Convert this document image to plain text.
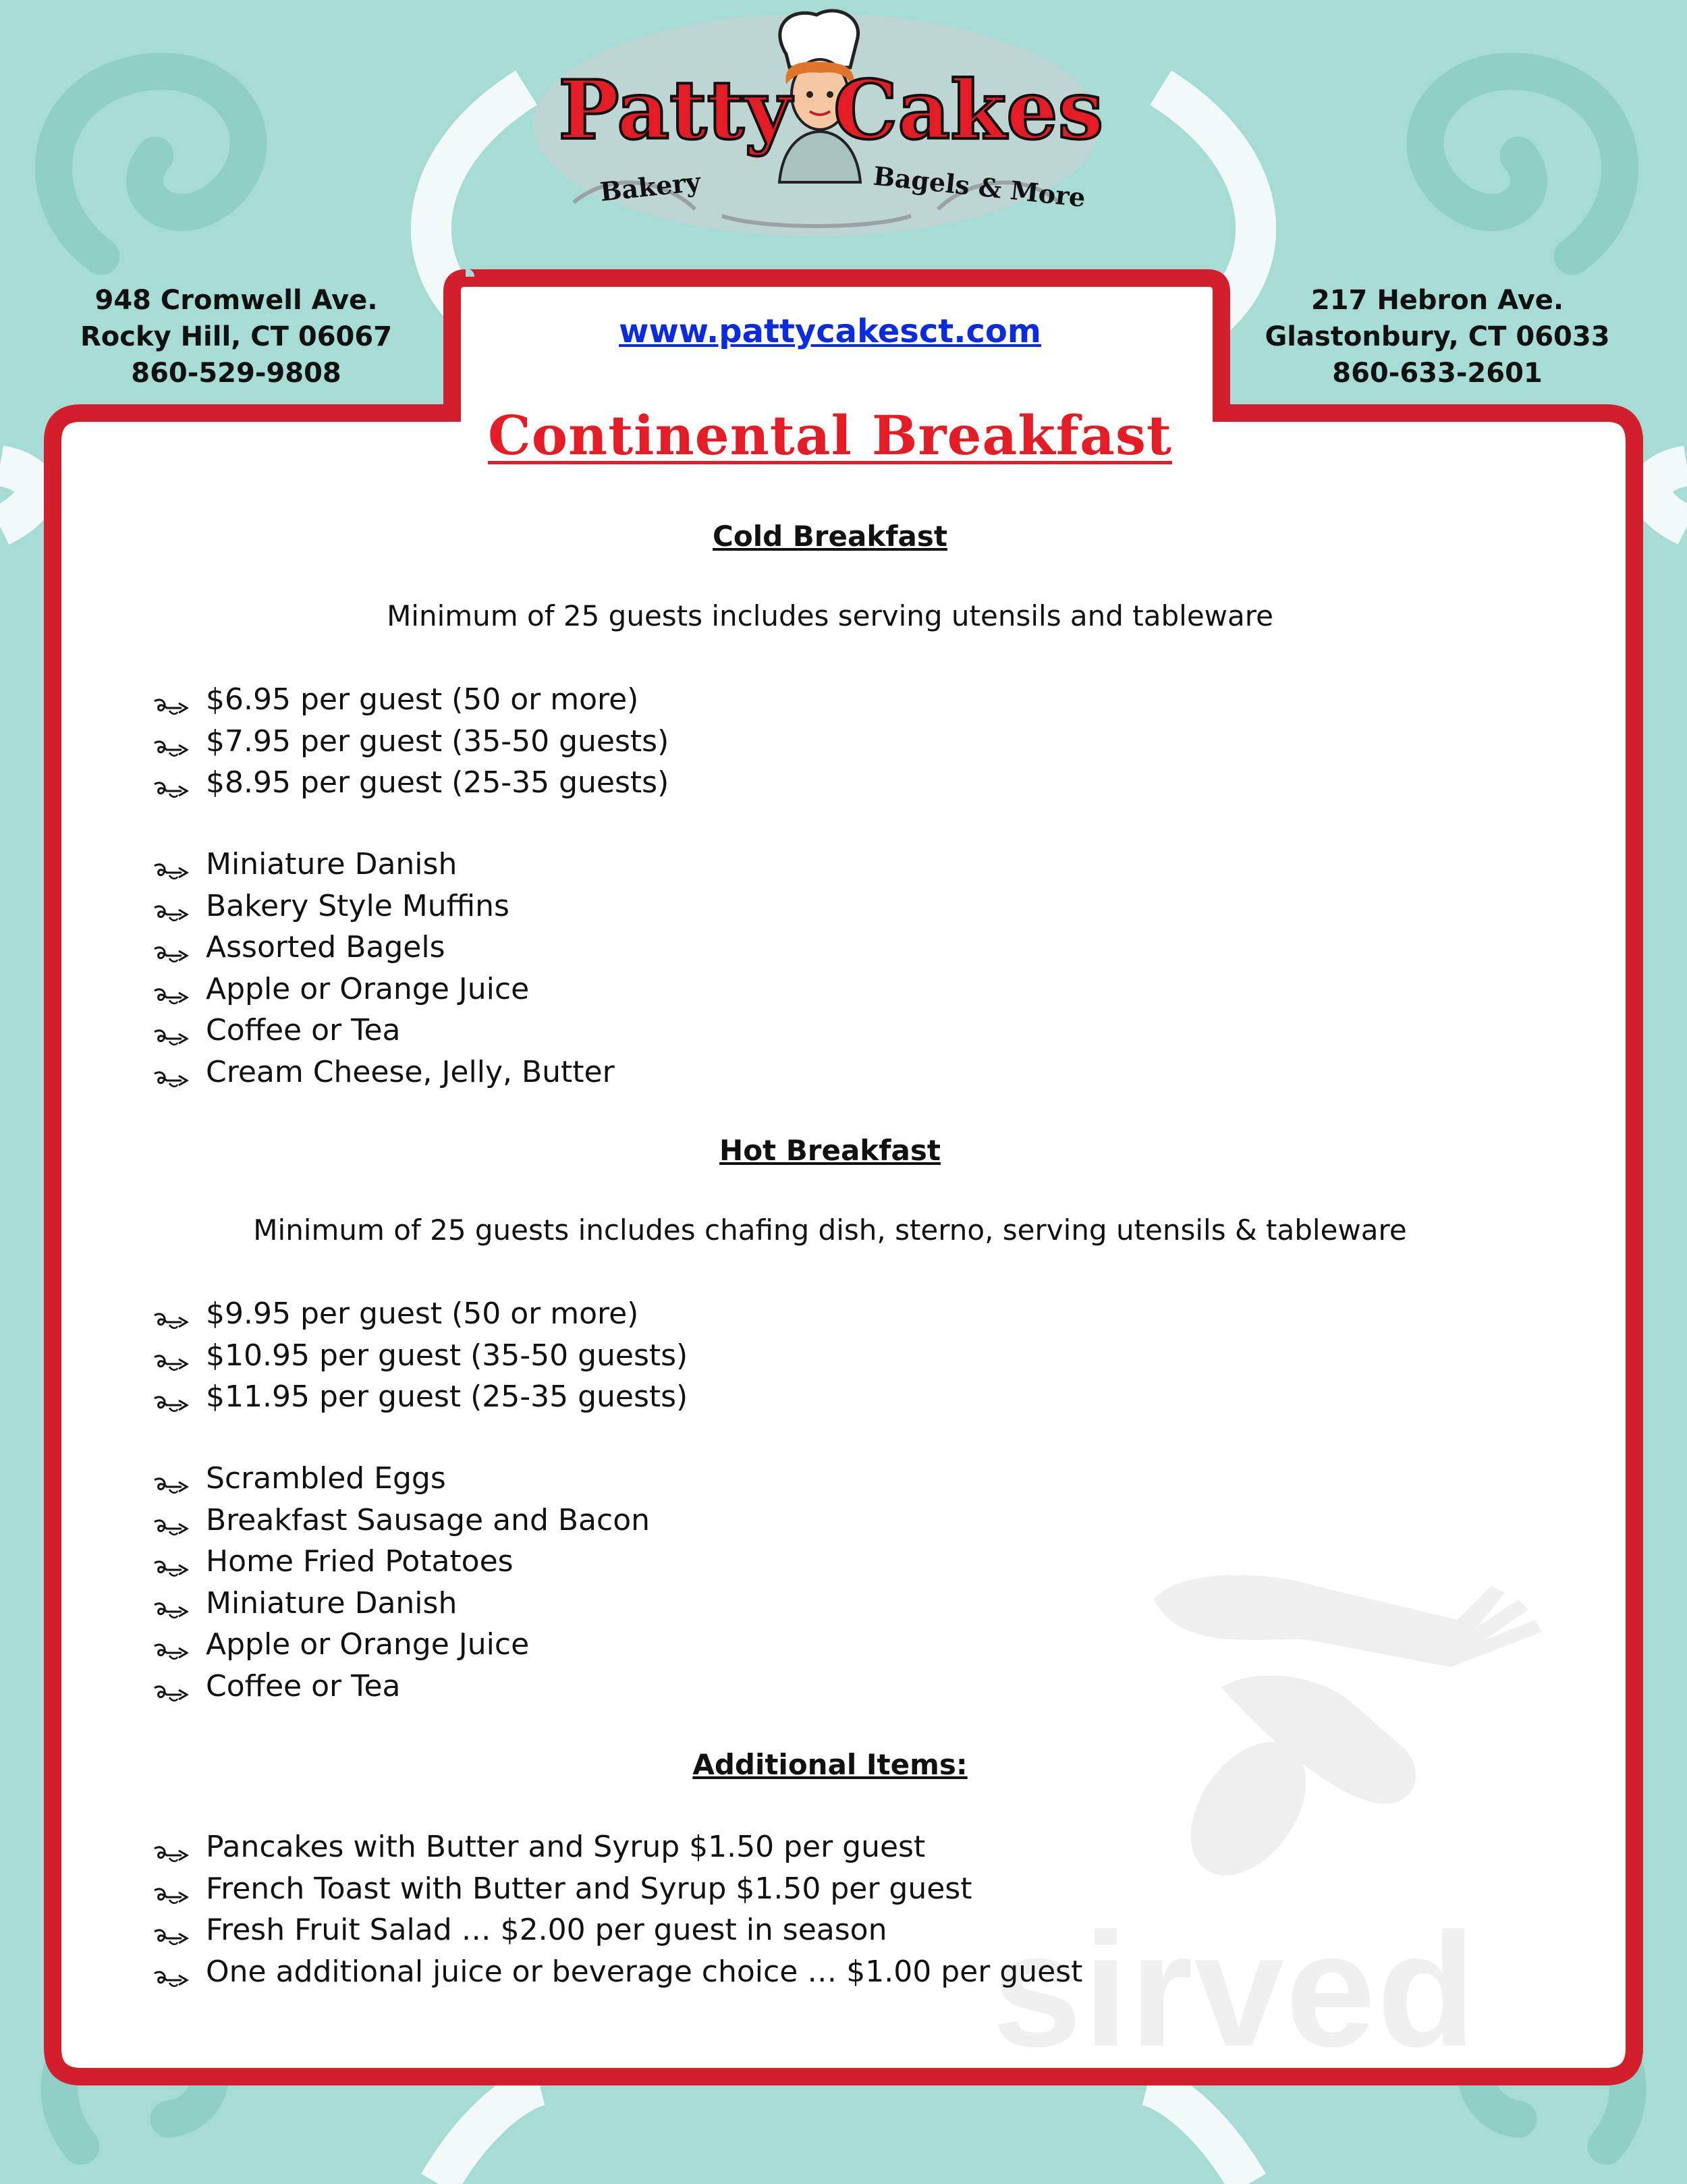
Patty Cakes
Bakery	Bagels & More
948 Cromwell Ave.
Rocky Hill, CT 06067
860-529-9808
217 Hebron Ave.
Glastonbury, CT 06033
860-633-2601
www.pattycakesct.com
sirved
Continental Breakfast
Cold Breakfast
Minimum of 25 guests includes serving utensils and tableware
$6.95 per guest (50 or more)
$7.95 per guest (35-50 guests)
$8.95 per guest (25-35 guests)
Miniature Danish
Bakery Style Muffins
Assorted Bagels
Apple or Orange Juice
Coffee or Tea
Cream Cheese, Jelly, Butter
Hot Breakfast
Minimum of 25 guests includes chafing dish, sterno, serving utensils & tableware
$9.95 per guest (50 or more)
$10.95 per guest (35-50 guests)
$11.95 per guest (25-35 guests)
Scrambled Eggs
Breakfast Sausage and Bacon
Home Fried Potatoes
Miniature Danish
Apple or Orange Juice
Coffee or Tea
Additional Items:
Pancakes with Butter and Syrup $1.50 per guest
French Toast with Butter and Syrup $1.50 per guest
Fresh Fruit Salad … $2.00 per guest in season
One additional juice or beverage choice … $1.00 per guest
